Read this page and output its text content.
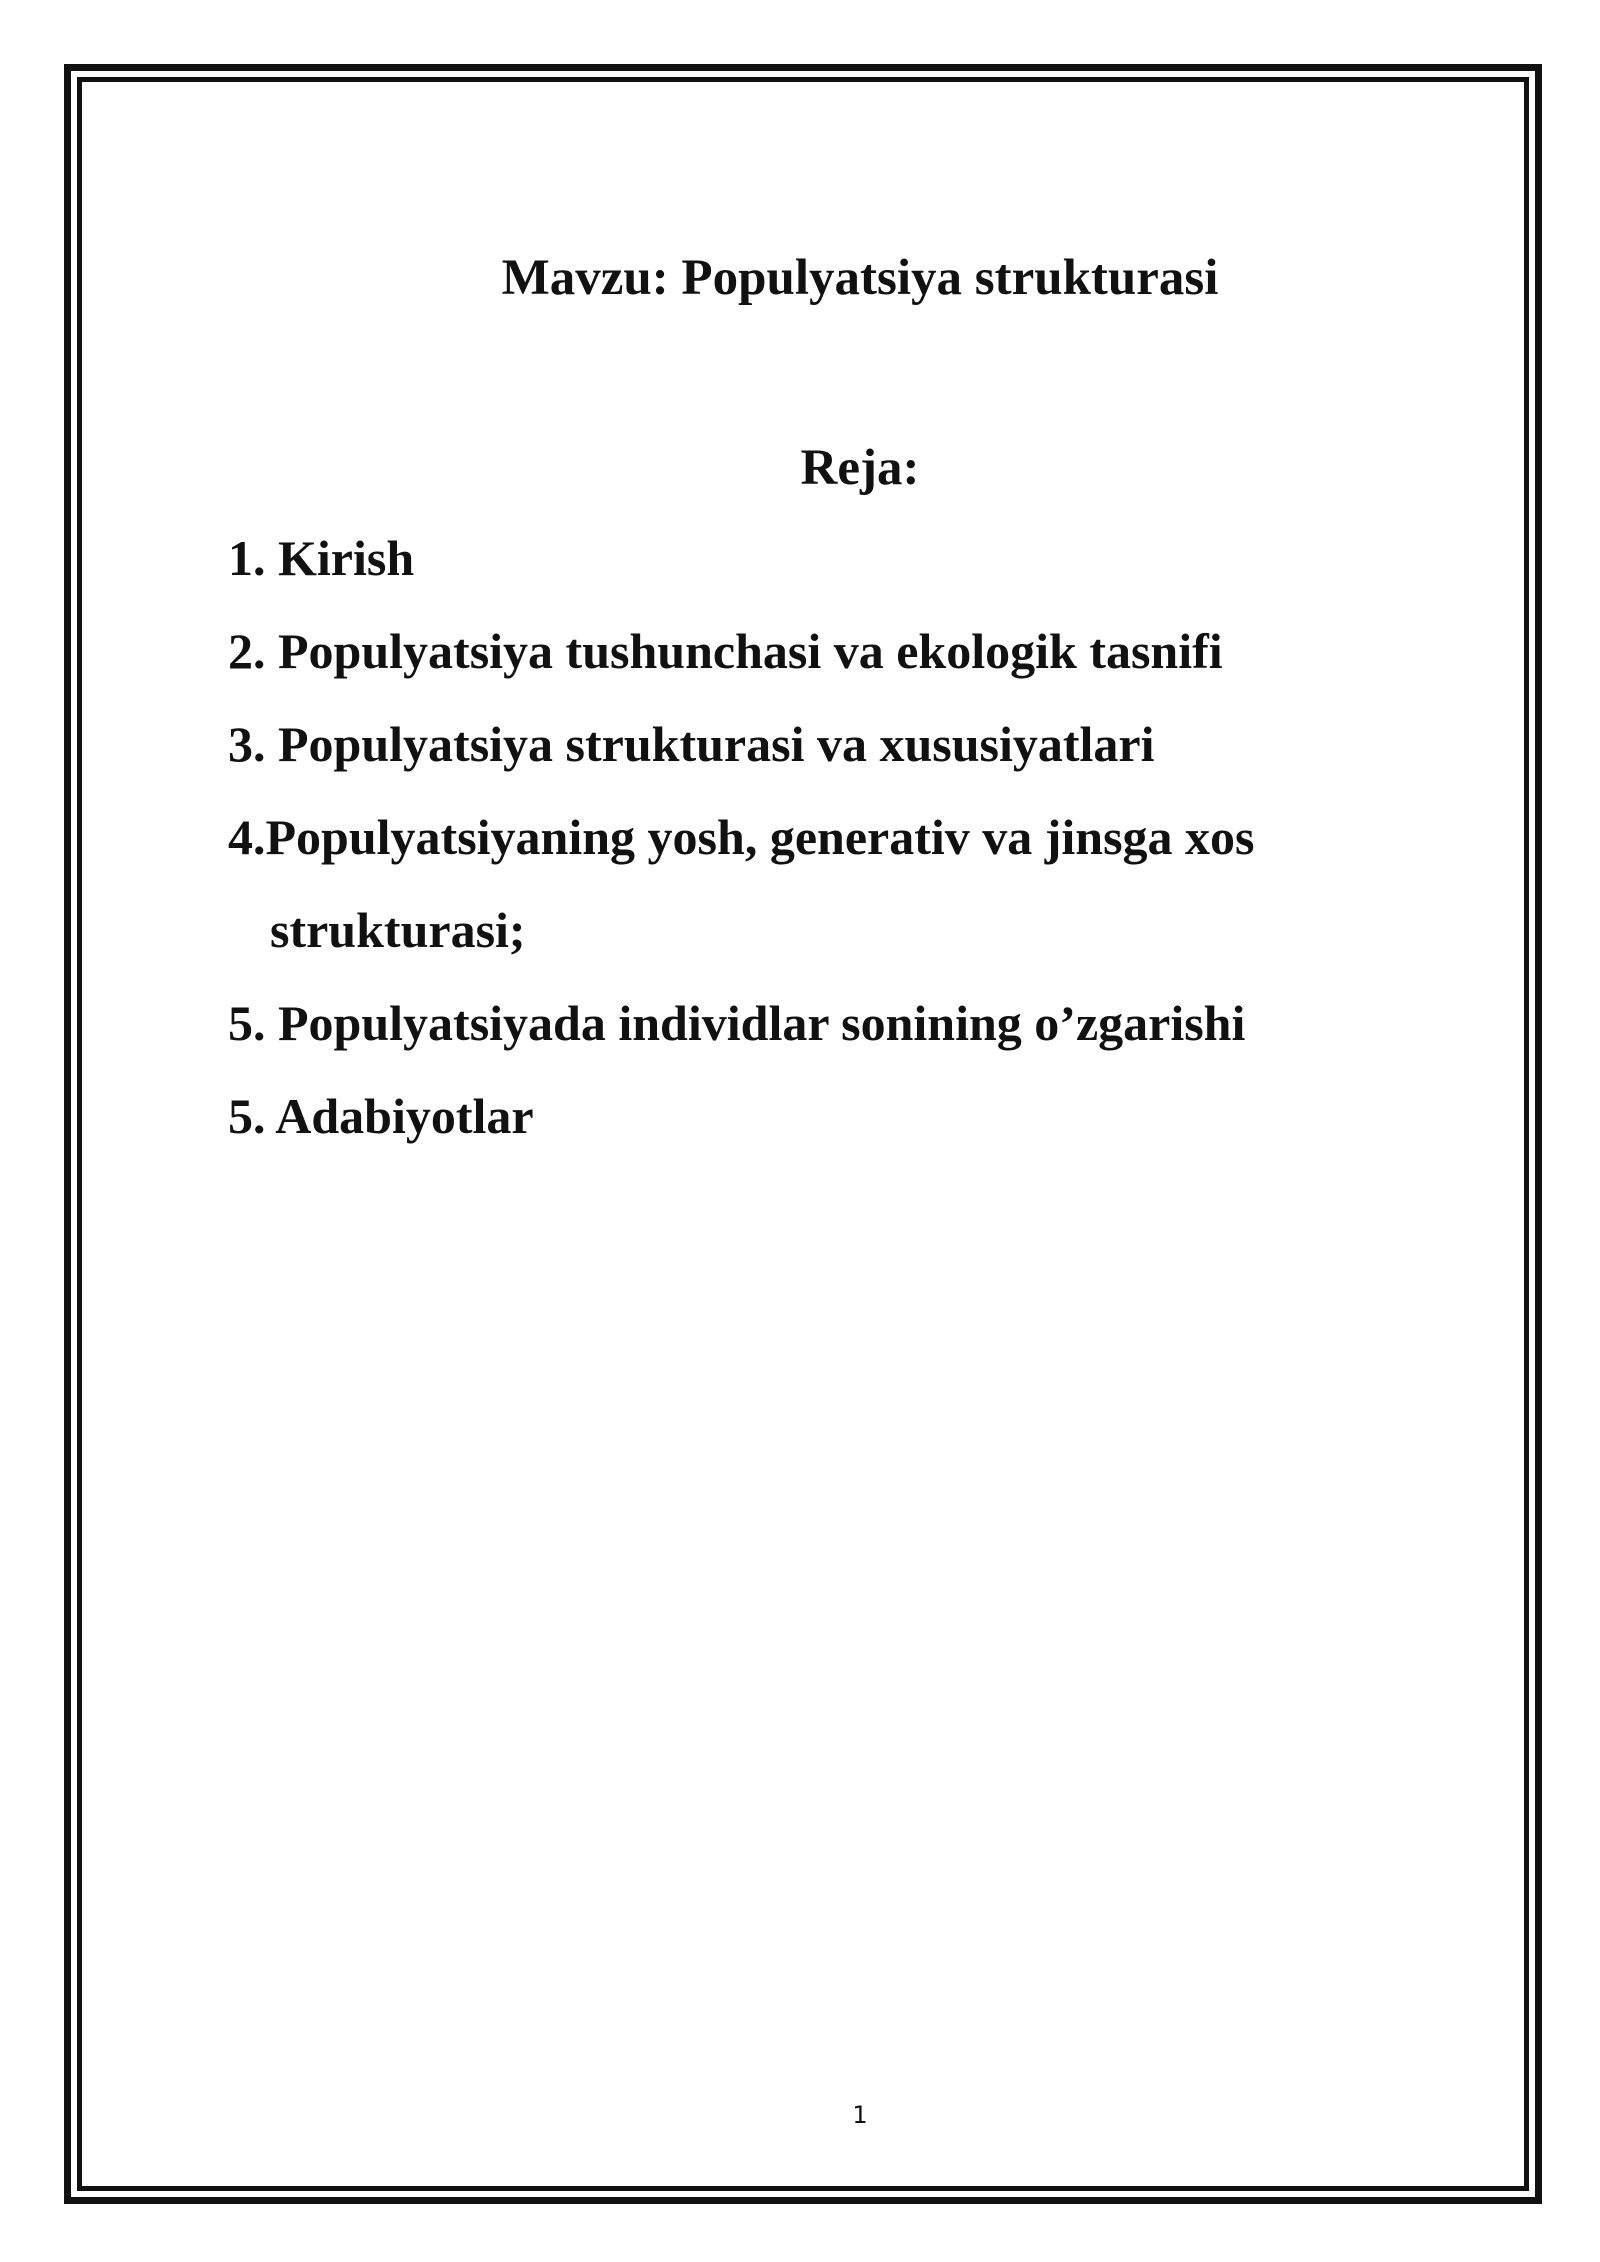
Mavzu: Populyatsiya strukturasi
Reja:
1. Kirish
2. Populyatsiya tushunchasi va ekologik tasnifi
3. Populyatsiya strukturasi va xususiyatlari
4.Populyatsiyaning yosh, generativ va jinsga xos
strukturasi;
5. Populyatsiyada individlar sonining o’zgarishi
5. Adabiyotlar
1
